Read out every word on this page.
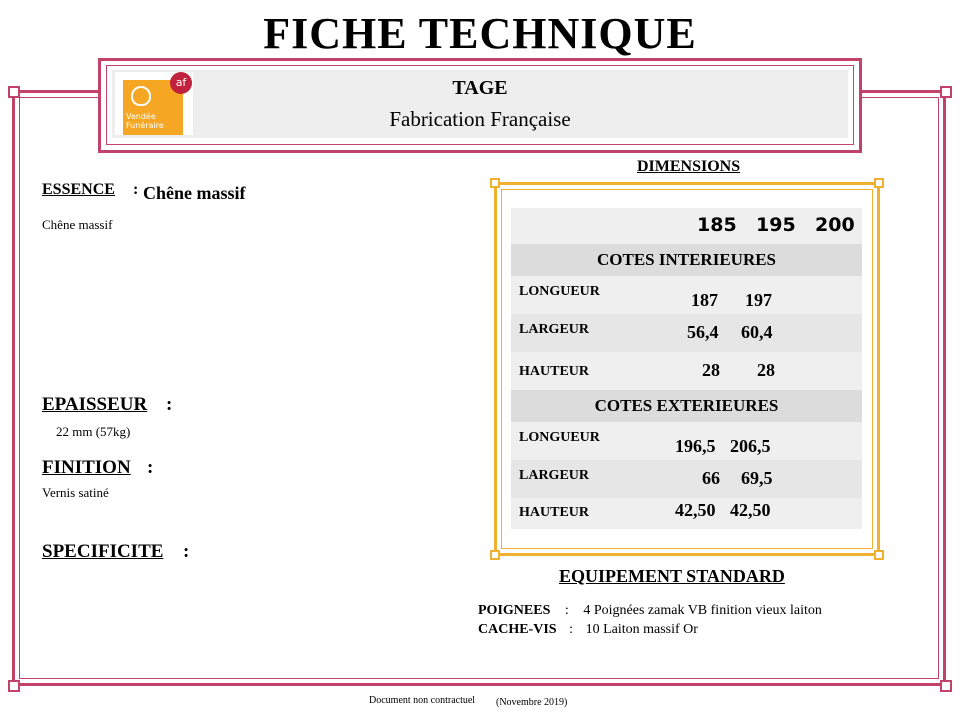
FICHE TECHNIQUE
Vendée
Funéraire
af	TAGE
Fabrication Française
ESSENCE : Chêne massif
Chêne massif
EPAISSEUR :
22 mm (57kg)
FINITION :
Vernis satiné
SPECIFICITE :
DIMENSIONS
185 195 200
COTES INTERIEURES
LONGUEUR	187 197
LARGEUR	56,4 60,4
HAUTEUR	28 28
COTES EXTERIEURES
LONGUEUR	196,5 206,5
LARGEUR	66 69,5
HAUTEUR	42,50 42,50
EQUIPEMENT STANDARD
POIGNEES : 4 Poignées zamak VB finition vieux laiton
CACHE-VIS : 10 Laiton massif Or
Document non contractuel (Novembre 2019)
